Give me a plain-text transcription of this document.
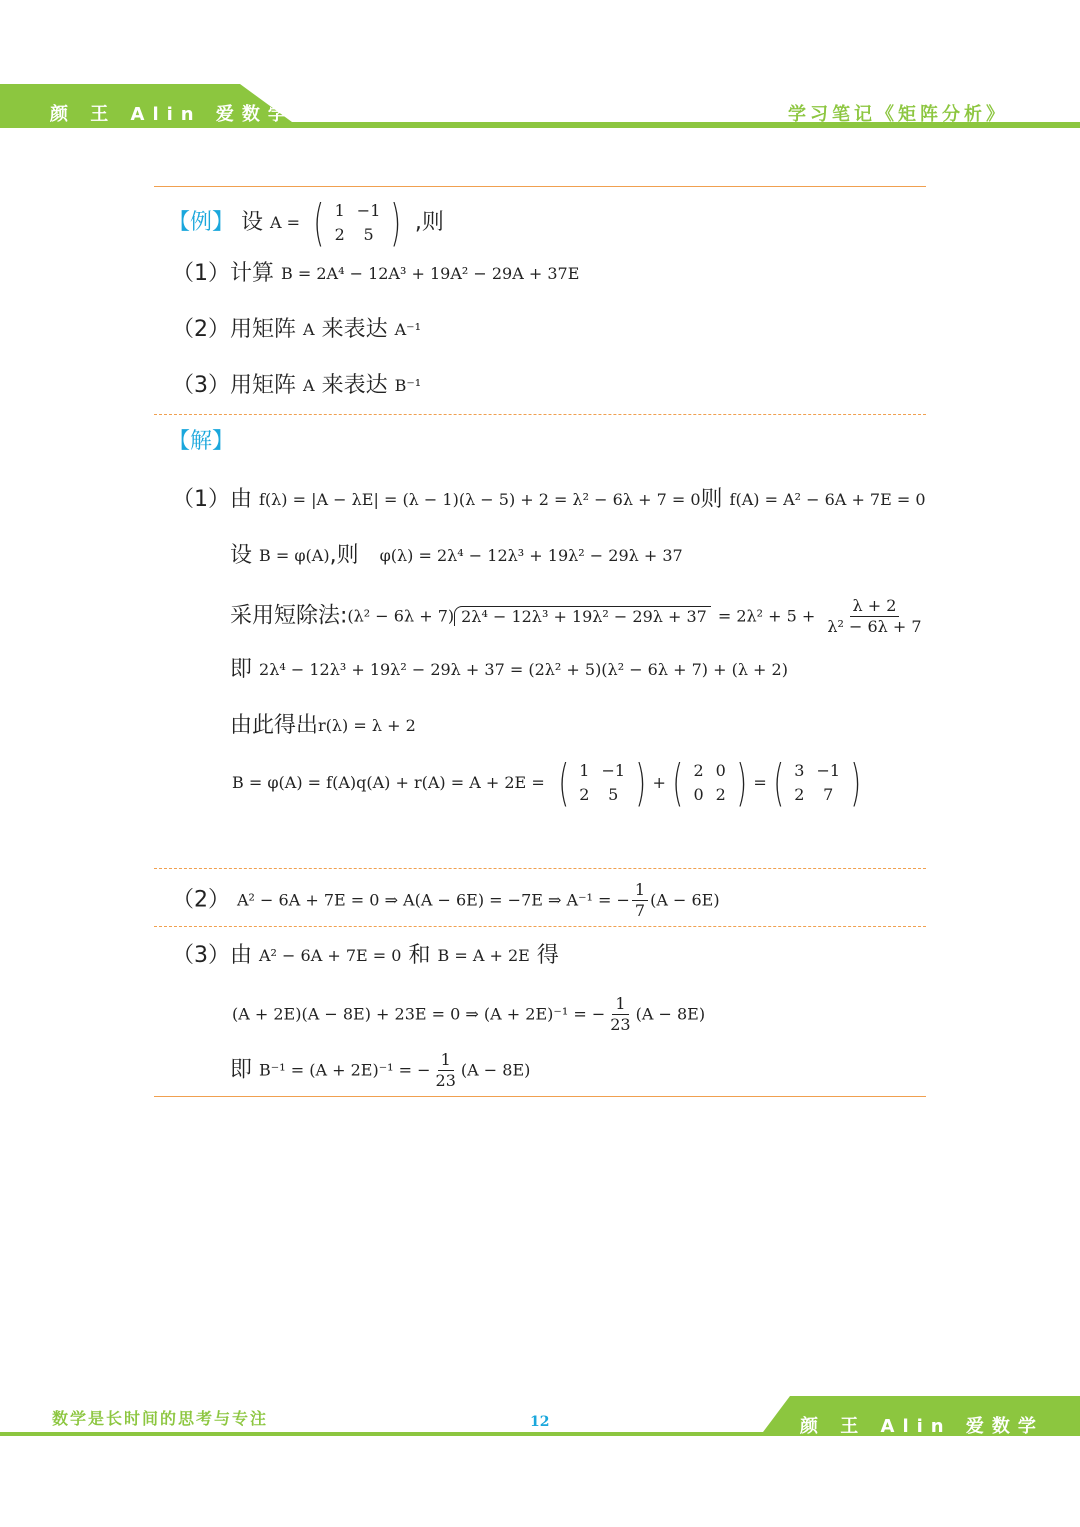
颜 王 Alin 爱数学	学习笔记《矩阵分析》
【例】 设 A = ( 1	−1
2	5 ) ,则
（1）计算 B = 2A⁴ − 12A³ + 19A² − 29A + 37E
（2）用矩阵 A 来表达 A⁻¹
（3）用矩阵 A 来表达 B⁻¹
【解】
（1）由 f(λ) = |A − λE| = (λ − 1)(λ − 5) + 2 = λ² − 6λ + 7 = 0则 f(A) = A² − 6A + 7E = 0
设 B = φ(A),则 φ(λ) = 2λ⁴ − 12λ³ + 19λ² − 29λ + 37
采用短除法:(λ² − 6λ + 7) $2\lambda^4 - 12\lambda^3 + 19\lambda^2 - 29\lambda + 37 = 2\lambda^2 + 5 + \frac{\lambda + 2}{\text{λ² − 6λ + 7}}$
即 2λ⁴ − 12λ³ + 19λ² − 29λ + 37 = (2λ² + 5)(λ² − 6λ + 7) + (λ + 2)
由此得出r(λ) = λ + 2
B = φ(A) = f(A)q(A) + r(A) = A + 2E = ( 1	−1
2	5 ) + ( 2	0
0	2 ) = ( 3	−1
2	7 )
（2） A² − 6A + 7E = 0 ⇒ A(A − 6E) = −7E ⇒ A⁻¹ = − $\frac{1}{7} (A - 6E)$
（3）由 A² − 6A + 7E = 0 和 B = A + 2E 得
(A + 2E)(A − 8E) + 23E = 0 ⇒ (A + 2E)⁻¹ = − $\frac{1}{23} (A - 8E)$
即 B⁻¹ = (A + 2E)⁻¹ = − $\frac{1}{23} (A - 8E)$
数学是长时间的思考与专注	12	颜 王 Alin 爱数学
